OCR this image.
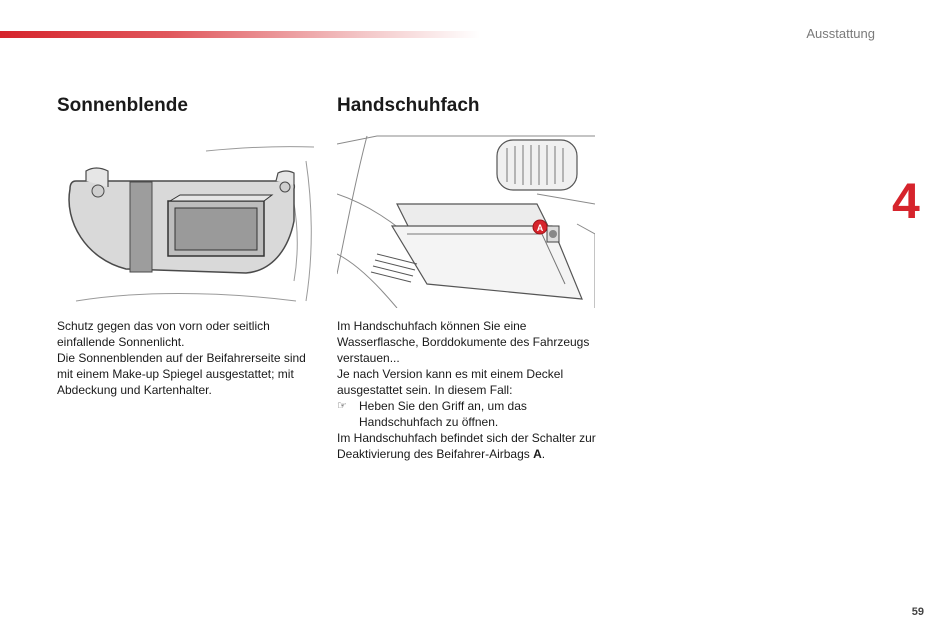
Ausstattung
4
Sonnenblende	Handschuhfach
A

Schutz gegen das von vorn oder seitlich einfallende Sonnenlicht.

Die Sonnenblenden auf der Beifahrerseite sind mit einem Make-up Spiegel ausgestattet; mit Abdeckung und Kartenhalter.

Im Handschuhfach können Sie eine Wasserflasche, Borddokumente des Fahrzeugs verstauen...

Je nach Version kann es mit einem Deckel ausgestattet sein. In diesem Fall:

☞	Heben Sie den Griff an, um das Handschuhfach zu öffnen.

Im Handschuhfach befindet sich der Schalter zur Deaktivierung des Beifahrer-Airbags A.

59
